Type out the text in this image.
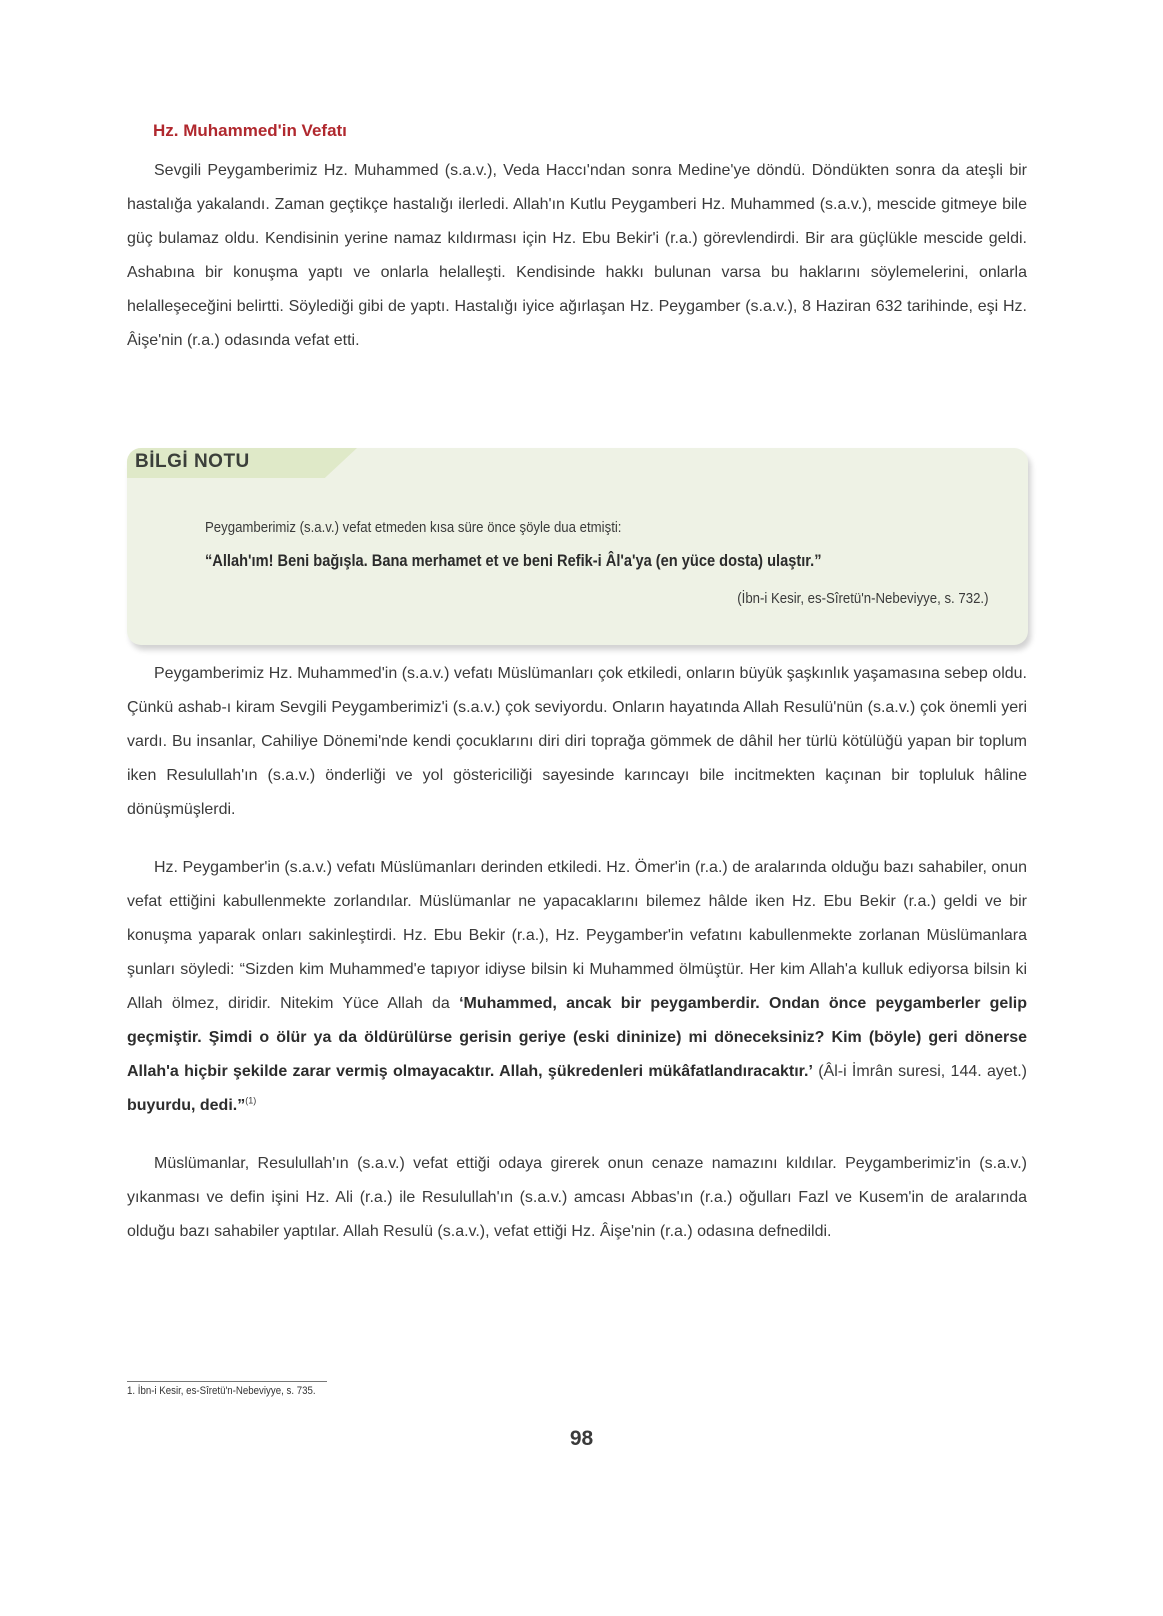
Hz. Muhammed'in Vefatı

Sevgili Peygamberimiz Hz. Muhammed (s.a.v.), Veda Haccı'ndan sonra Medine'ye döndü. Döndükten sonra da ateşli bir hastalığa yakalandı. Zaman geçtikçe hastalığı ilerledi. Allah'ın Kutlu Peygamberi Hz. Muhammed (s.a.v.), mescide gitmeye bile güç bulamaz oldu. Kendisinin yerine namaz kıldırması için Hz. Ebu Bekir'i (r.a.) görevlendirdi. Bir ara güçlükle mescide geldi. Ashabına bir konuşma yaptı ve onlarla helalleşti. Kendisinde hakkı bulunan varsa bu haklarını söylemelerini, onlarla helalleşeceğini belirtti. Söylediği gibi de yaptı. Hastalığı iyice ağırlaşan Hz. Peygamber (s.a.v.), 8 Haziran 632 tarihinde, eşi Hz. Âişe'nin (r.a.) odasında vefat etti.

BİLGİ NOTU

Peygamberimiz (s.a.v.) vefat etmeden kısa süre önce şöyle dua etmişti:

“Allah'ım! Beni bağışla. Bana merhamet et ve beni Refik-i Âl'a'ya (en yüce dosta) ulaştır.”

(İbn-i Kesir, es-Sîretü'n-Nebeviyye, s. 732.)

Peygamberimiz Hz. Muhammed'in (s.a.v.) vefatı Müslümanları çok etkiledi, onların büyük şaşkınlık yaşamasına sebep oldu. Çünkü ashab-ı kiram Sevgili Peygamberimiz'i (s.a.v.) çok seviyordu. Onların hayatında Allah Resulü'nün (s.a.v.) çok önemli yeri vardı. Bu insanlar, Cahiliye Dönemi'nde kendi çocuklarını diri diri toprağa gömmek de dâhil her türlü kötülüğü yapan bir toplum iken Resulullah'ın (s.a.v.) önderliği ve yol göstericiliği sayesinde karıncayı bile incitmekten kaçınan bir topluluk hâline dönüşmüşlerdi.

Hz. Peygamber'in (s.a.v.) vefatı Müslümanları derinden etkiledi. Hz. Ömer'in (r.a.) de aralarında olduğu bazı sahabiler, onun vefat ettiğini kabullenmekte zorlandılar. Müslümanlar ne yapacaklarını bilemez hâlde iken Hz. Ebu Bekir (r.a.) geldi ve bir konuşma yaparak onları sakinleştirdi. Hz. Ebu Bekir (r.a.), Hz. Peygamber'in vefatını kabullenmekte zorlanan Müslümanlara şunları söyledi: “Sizden kim Muhammed'e tapıyor idiyse bilsin ki Muhammed ölmüştür. Her kim Allah'a kulluk ediyorsa bilsin ki Allah ölmez, diridir. Nitekim Yüce Allah da ‘Muhammed, ancak bir peygamberdir. Ondan önce peygamberler gelip geçmiştir. Şimdi o ölür ya da öldürülürse gerisin geriye (eski dininize) mi döneceksiniz? Kim (böyle) geri dönerse Allah'a hiçbir şekilde zarar vermiş olmayacaktır. Allah, şükredenleri mükâfatlandıracaktır.’ (Âl-i İmrân suresi, 144. ayet.) buyurdu, dedi.”$^{(1)}$

Müslümanlar, Resulullah'ın (s.a.v.) vefat ettiği odaya girerek onun cenaze namazını kıldılar. Peygamberimiz'in (s.a.v.) yıkanması ve defin işini Hz. Ali (r.a.) ile Resulullah'ın (s.a.v.) amcası Abbas'ın (r.a.) oğulları Fazl ve Kusem'in de aralarında olduğu bazı sahabiler yaptılar. Allah Resulü (s.a.v.), vefat ettiği Hz. Âişe'nin (r.a.) odasına defnedildi.

1. İbn-i Kesir, es-Sîretü'n-Nebeviyye, s. 735.
98
